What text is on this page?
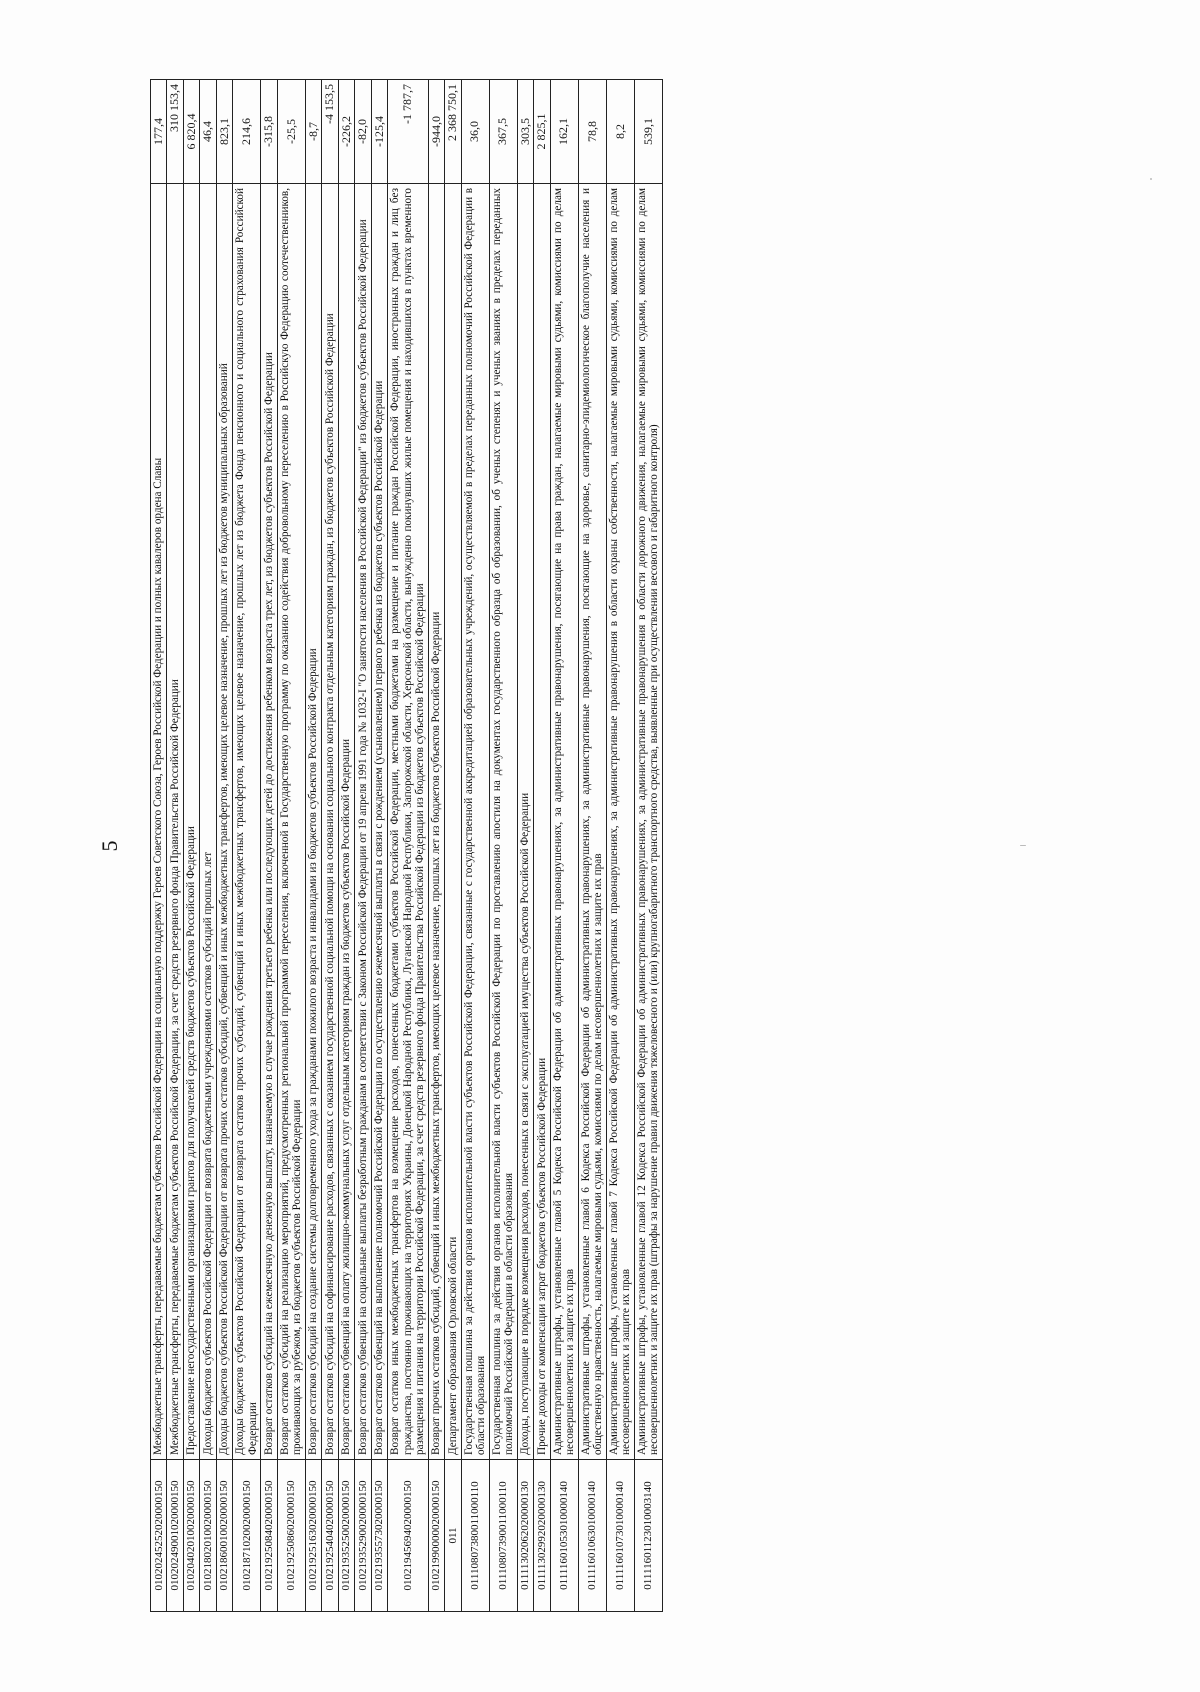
5
01020245252020000150	Межбюджетные трансферты, передаваемые бюджетам субъектов Российской Федерации на социальную поддержку Героев Советского Союза, Героев Российской Федерации и полных кавалеров ордена Славы	177,4
01020249001020000150	Межбюджетные трансферты, передаваемые бюджетам субъектов Российской Федерации, за счет средств резервного фонда Правительства Российской Федерации	310 153,4
01020402010020000150	Предоставление негосударственными организациями грантов для получателей средств бюджетов субъектов Российской Федерации	6 820,4
01021802010020000150	Доходы бюджетов субъектов Российской Федерации от возврата бюджетными учреждениями остатков субсидий прошлых лет	46,4
01021860010020000150	Доходы бюджетов субъектов Российской Федерации от возврата прочих остатков субсидий, субвенций и иных межбюджетных трансфертов, имеющих целевое назначение, прошлых лет из бюджетов муниципальных образований	823,1
01021871020020000150	Доходы бюджетов субъектов Российской Федерации от возврата остатков прочих субсидий, субвенций и иных межбюджетных трансфертов, имеющих целевое назначение, прошлых лет из бюджета Фонда пенсионного и социального страхования Российской Федерации	214,6
01021925084020000150	Возврат остатков субсидий на ежемесячную денежную выплату, назначаемую в случае рождения третьего ребенка или последующих детей до достижения ребенком возраста трех лет, из бюджетов субъектов Российской Федерации	-315,8
01021925086020000150	Возврат остатков субсидий на реализацию мероприятий, предусмотренных региональной программой переселения, включенной в Государственную программу по оказанию содействия добровольному переселению в Российскую Федерацию соотечественников, проживающих за рубежом, из бюджетов субъектов Российской Федерации	-25,5
01021925163020000150	Возврат остатков субсидий на создание системы долговременного ухода за гражданами пожилого возраста и инвалидами из бюджетов субъектов Российской Федерации	-8,7
01021925404020000150	Возврат остатков субсидий на софинансирование расходов, связанных с оказанием государственной социальной помощи на основании социального контракта отдельным категориям граждан, из бюджетов субъектов Российской Федерации	-4 153,5
01021935250020000150	Возврат остатков субвенций на оплату жилищно-коммунальных услуг отдельным категориям граждан из бюджетов субъектов Российской Федерации	-226,2
01021935290020000150	Возврат остатков субвенций на социальные выплаты безработным гражданам в соответствии с Законом Российской Федерации от 19 апреля 1991 года № 1032-I "О занятости населения в Российской Федерации" из бюджетов субъектов Российской Федерации	-82,0
01021935573020000150	Возврат остатков субвенций на выполнение полномочий Российской Федерации по осуществлению ежемесячной выплаты в связи с рождением (усыновлением) первого ребенка из бюджетов субъектов Российской Федерации	-125,4
01021945694020000150	Возврат остатков иных межбюджетных трансфертов на возмещение расходов, понесенных бюджетами субъектов Российской Федерации, местными бюджетами на размещение и питание граждан Российской Федерации, иностранных граждан и лиц без гражданства, постоянно проживающих на территориях Украины, Донецкой Народной Республики, Луганской Народной Республики, Запорожской области, Херсонской области, вынужденно покинувших жилые помещения и находившихся в пунктах временного размещения и питания на территории Российской Федерации, за счет средств резервного фонда Правительства Российской Федерации из бюджетов субъектов Российской Федерации	-1 787,7
01021990000020000150	Возврат прочих остатков субсидий, субвенций и иных межбюджетных трансфертов, имеющих целевое назначение, прошлых лет из бюджетов субъектов Российской Федерации	-944,0
011	Департамент образования Орловской области	2 368 750,1
01110807380011000110	Государственная пошлина за действия органов исполнительной власти субъектов Российской Федерации, связанные с государственной аккредитацией образовательных учреждений, осуществляемой в пределах переданных полномочий Российской Федерации в области образования	36,0
01110807390011000110	Государственная пошлина за действия органов исполнительной власти субъектов Российской Федерации по проставлению апостиля на документах государственного образца об образовании, об ученых степенях и ученых званиях в пределах переданных полномочий Российской Федерации в области образования	367,5
01111302062020000130	Доходы, поступающие в порядке возмещения расходов, понесенных в связи с эксплуатацией имущества субъектов Российской Федерации	303,5
01111302992020000130	Прочие доходы от компенсации затрат бюджетов субъектов Российской Федерации	2 825,1
01111601053010000140	Административные штрафы, установленные главой 5 Кодекса Российской Федерации об административных правонарушениях, за административные правонарушения, посягающие на права граждан, налагаемые мировыми судьями, комиссиями по делам несовершеннолетних и защите их прав	162,1
01111601063010000140	Административные штрафы, установленные главой 6 Кодекса Российской Федерации об административных правонарушениях, за административные правонарушения, посягающие на здоровье, санитарно-эпидемиологическое благополучие населения и общественную нравственность, налагаемые мировыми судьями, комиссиями по делам несовершеннолетних и защите их прав	78,8
01111601073010000140	Административные штрафы, установленные главой 7 Кодекса Российской Федерации об административных правонарушениях, за административные правонарушения в области охраны собственности, налагаемые мировыми судьями, комиссиями по делам несовершеннолетних и защите их прав	8,2
01111601123010003140	Административные штрафы, установленные главой 12 Кодекса Российской Федерации об административных правонарушениях, за административные правонарушения в области дорожного движения, налагаемые мировыми судьями, комиссиями по делам несовершеннолетних и защите их прав (штрафы за нарушение правил движения тяжеловесного и (или) крупногабаритного транспортного средства, выявленные при осуществлении весового и габаритного контроля)	539,1
